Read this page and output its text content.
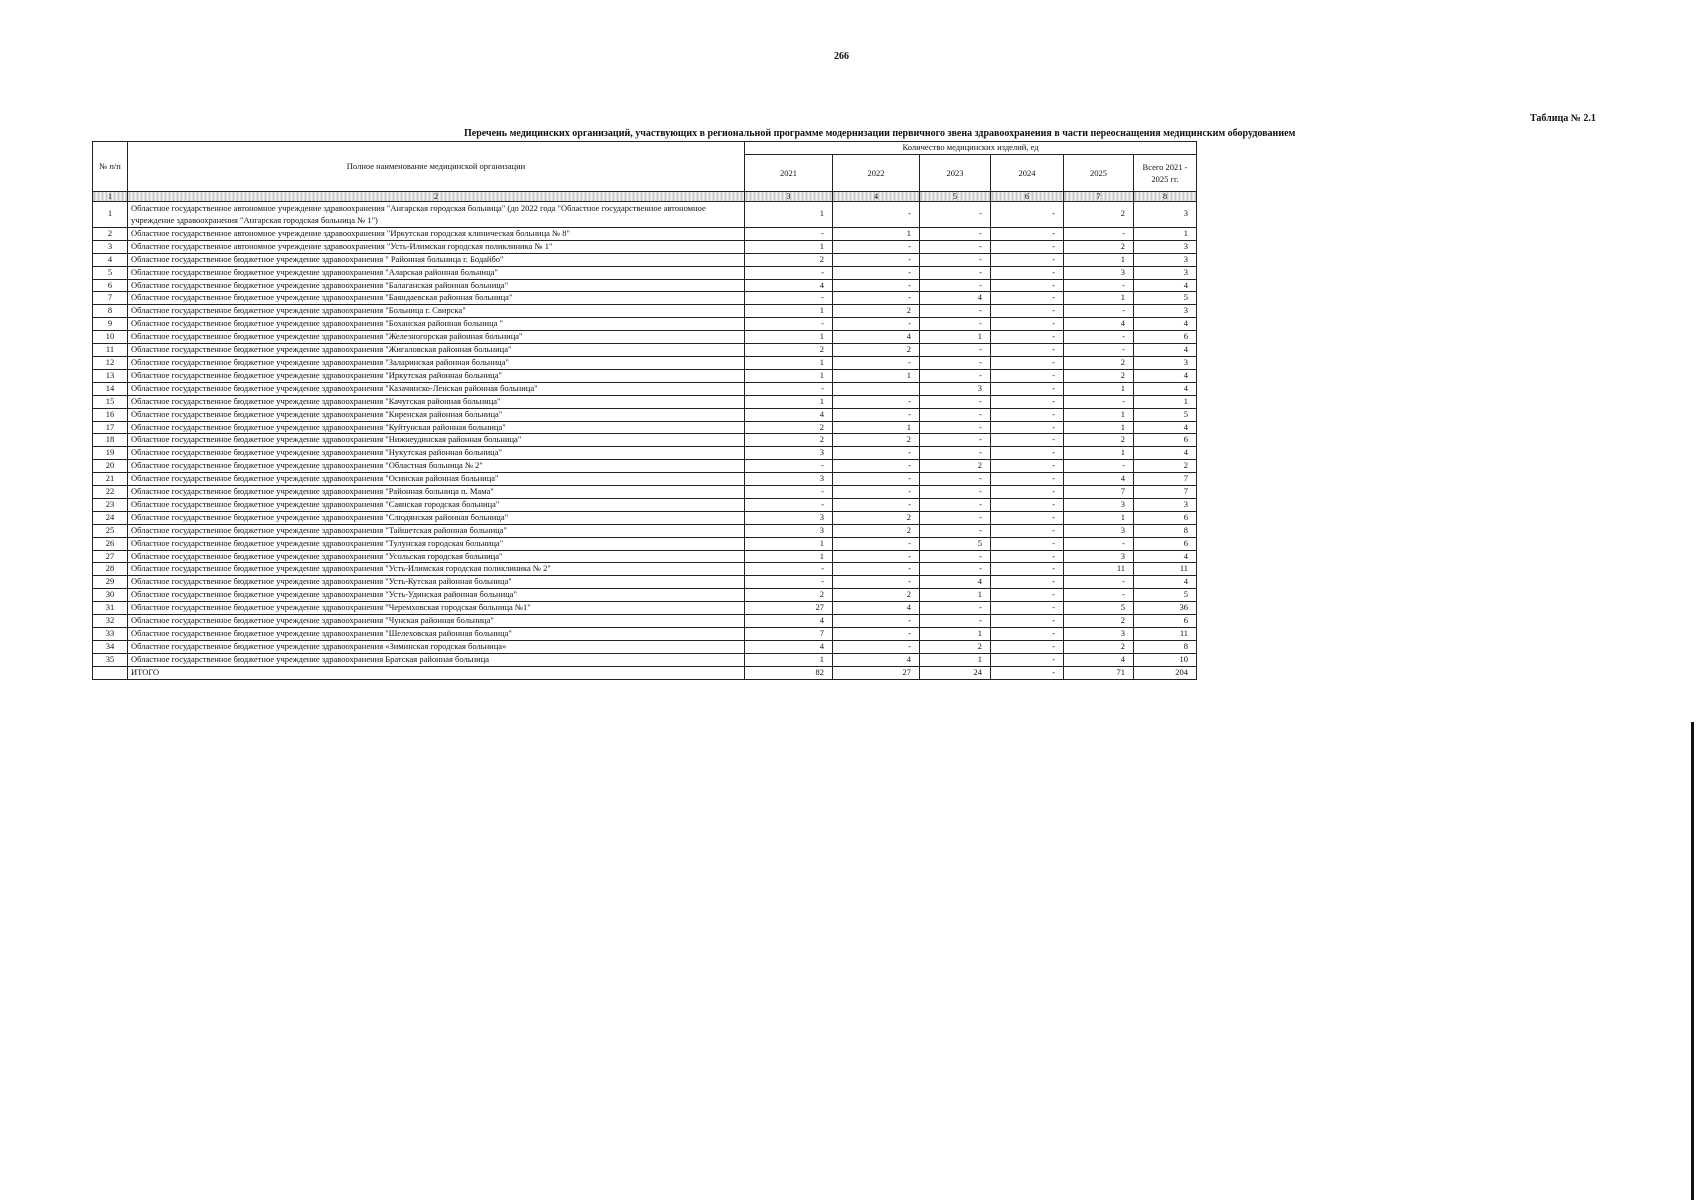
266
Таблица № 2.1
Перечень медицинских организаций, участвующих в региональной программе модернизации первичного звена здравоохранения в части переоснащения медицинским оборудованием
№ п/п	Полное наименование медицинской организации	Количество медицинских изделий, ед					
		2021	2022	2023	2024	2025	Всего 2021 - 2025 гг.
1	2	3	4	5	6	7	8
1	Областное государственное автономное учреждение здравоохранения "Ангарская городская больница" (до 2022 года "Областное государственное автономное учреждение здравоохранения "Ангарская городская больница № 1")	1	-	-	-	2	3
2	Областное государственное автономное учреждение здравоохранения "Иркутская городская клиническая больница № 8"	-	1	-	-	-	1
3	Областное государственное автономное учреждение здравоохранения "Усть-Илимская городская поликлиника № 1"	1	-	-	-	2	3
4	Областное государственное бюджетное учреждение здравоохранения " Районная больница г. Бодайбо"	2	-	-	-	1	3
5	Областное государственное бюджетное учреждение здравоохранения "Аларская районная больница"	-	-	-	-	3	3
6	Областное государственное бюджетное учреждение здравоохранения "Балаганская районная больница"	4	-	-	-	-	4
7	Областное государственное бюджетное учреждение здравоохранения "Баяндаевская районная больница"	-	-	4	-	1	5
8	Областное государственное бюджетное учреждение здравоохранения "Больница г. Свирска"	1	2	-	-	-	3
9	Областное государственное бюджетное учреждение здравоохранения "Боханская районная больница "	-	-	-	-	4	4
10	Областное государственное бюджетное учреждение здравоохранения "Железногорская районная больница"	1	4	1	-	-	6
11	Областное государственное бюджетное учреждение здравоохранения "Жигаловская районная больница"	2	2	-	-	-	4
12	Областное государственное бюджетное учреждение здравоохранения "Заларинская районная больница"	1	-	-	-	2	3
13	Областное государственное бюджетное учреждение здравоохранения "Иркутская районная больница"	1	1	-	-	2	4
14	Областное государственное бюджетное учреждение здравоохранения "Казачинско-Ленская районная больница"	-		3	-	1	4
15	Областное государственное бюджетное учреждение здравоохранения "Качугская районная больница"	1	-	-	-	-	1
16	Областное государственное бюджетное учреждение здравоохранения "Киренская районная больница"	4	-	-	-	1	5
17	Областное государственное бюджетное учреждение здравоохранения "Куйтунская районная больница"	2	1	-	-	1	4
18	Областное государственное бюджетное учреждение здравоохранения "Нижнеудинская районная больница"	2	2	-	-	2	6
19	Областное государственное бюджетное учреждение здравоохранения "Нукутская районная больница"	3	-	-	-	1	4
20	Областное государственное бюджетное учреждение здравоохранения "Областная больница № 2"	-	-	2	-	-	2
21	Областное государственное бюджетное учреждение здравоохранения "Осинская районная больница"	3	-	-	-	4	7
22	Областное государственное бюджетное учреждение здравоохранения "Районная больница п. Мама"	-	-	-	-	7	7
23	Областное государственное бюджетное учреждение здравоохранения "Саянская городская больница"	-	-	-	-	3	3
24	Областное государственное бюджетное учреждение здравоохранения "Слюдянская районная больница"	3	2	-	-	1	6
25	Областное государственное бюджетное учреждение здравоохранения "Тайшетская районная больница"	3	2	-	-	3	8
26	Областное государственное бюджетное учреждение здравоохранения "Тулунская городская больница"	1	-	5	-	-	6
27	Областное государственное бюджетное учреждение здравоохранения "Усольская городская больница"	1	-	-	-	3	4
28	Областное государственное бюджетное учреждение здравоохранения "Усть-Илимская городская поликлиника № 2"	-	-	-	-	11	11
29	Областное государственное бюджетное учреждение здравоохранения "Усть-Кутская районная больница"	-	-	4	-	-	4
30	Областное государственное бюджетное учреждение здравоохранения "Усть-Удинская районная больница"	2	2	1	-	-	5
31	Областное государственное бюджетное учреждение здравоохранения "Черемховская городская больница №1"	27	4	-	-	5	36
32	Областное государственное бюджетное учреждение здравоохранения "Чунская районная больница"	4	-	-	-	2	6
33	Областное государственное бюджетное учреждение здравоохранения "Шелеховская районная больница"	7	-	1	-	3	11
34	Областное государственное бюджетное учреждение здравоохранения «Зиминская городская больница»	4	-	2	-	2	8
35	Областное государственное бюджетное учреждение здравоохранения Братская районная больница	1	4	1	-	4	10
	ИТОГО	82	27	24	-	71	204
